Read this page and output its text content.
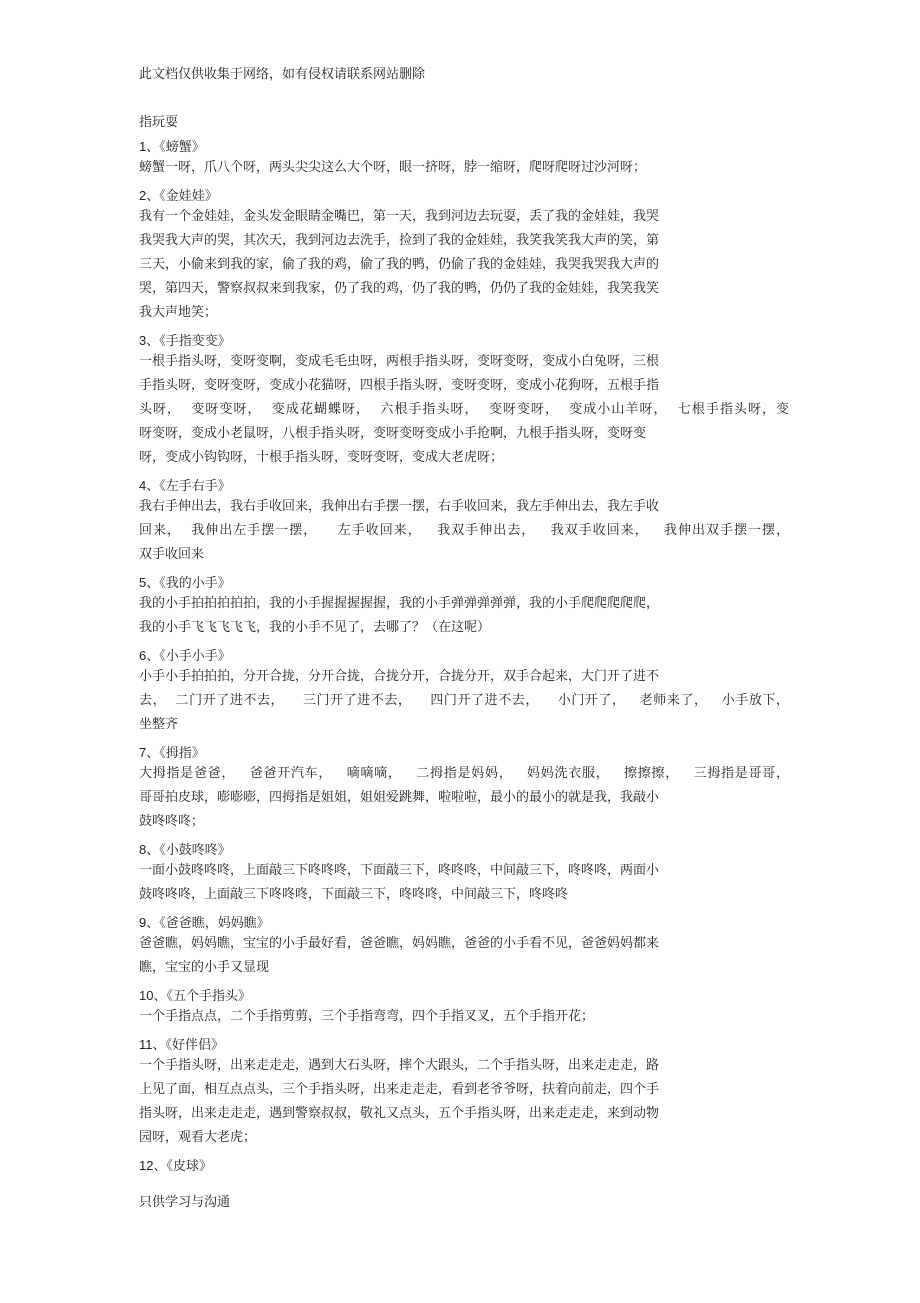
此文档仅供收集于网络，如有侵权请联系网站删除
指玩耍
1、《螃蟹》
螃蟹一呀，爪八个呀，两头尖尖这么大个呀，眼一挤呀，脖一缩呀，爬呀爬呀过沙河呀；
2、《金娃娃》
我有一个金娃娃，金头发金眼睛金嘴巴，第一天，我到河边去玩耍，丢了我的金娃娃，我哭
我哭我大声的哭，其次天，我到河边去洗手，捡到了我的金娃娃，我笑我笑我大声的笑，第
三天，小偷来到我的家，偷了我的鸡，偷了我的鸭，仍偷了我的金娃娃，我哭我哭我大声的
哭，第四天，警察叔叔来到我家，仍了我的鸡，仍了我的鸭，仍仍了我的金娃娃，我笑我笑
我大声地笑；
3、《手指变变》
一根手指头呀，变呀变啊，变成毛毛虫呀，两根手指头呀，变呀变呀，变成小白兔呀，三根
手指头呀，变呀变呀，变成小花猫呀，四根手指头呀，变呀变呀，变成小花狗呀，五根手指
头呀，  变呀变呀，  变成花蝴蝶呀，  六根手指头呀，  变呀变呀，  变成小山羊呀，  七根手指头呀，变
呀变呀，变成小老鼠呀，八根手指头呀，变呀变呀变成小手抢啊，九根手指头呀，变呀变
呀，变成小钩钩呀，十根手指头呀，变呀变呀，变成大老虎呀；
4、《左手右手》
我右手伸出去，我右手收回来，我伸出右手摆一摆，右手收回来，我左手伸出去，我左手收
回来，  我伸出左手摆一摆，    左手收回来，   我双手伸出去，   我双手收回来，   我伸出双手摆一摆，
双手收回来
5、《我的小手》
我的小手拍拍拍拍拍，我的小手握握握握握，我的小手弹弹弹弹弹，我的小手爬爬爬爬爬，
我的小手飞飞飞飞飞，我的小手不见了，去哪了？（在这呢）
6、《小手小手》
小手小手拍拍拍，分开合拢，分开合拢，合拢分开，合拢分开，双手合起来，大门开了进不
去，  二门开了进不去，    三门开了进不去，    四门开了进不去，    小门开了，   老师来了，   小手放下，
坐整齐
7、《拇指》
大拇指是爸爸，   爸爸开汽车，   嘀嘀嘀，   二拇指是妈妈，   妈妈洗衣服，   擦擦擦，   三拇指是哥哥，
哥哥拍皮球，嘭嘭嘭，四拇指是姐姐，姐姐爱跳舞，啦啦啦，最小的最小的就是我，我敲小
鼓咚咚咚；
8、《小鼓咚咚》
一面小鼓咚咚咚，上面敲三下咚咚咚，下面敲三下，咚咚咚，中间敲三下，咚咚咚，两面小
鼓咚咚咚，上面敲三下咚咚咚，下面敲三下，咚咚咚，中间敲三下，咚咚咚
9、《爸爸瞧，妈妈瞧》
爸爸瞧，妈妈瞧，宝宝的小手最好看，爸爸瞧，妈妈瞧，爸爸的小手看不见，爸爸妈妈都来
瞧，宝宝的小手又显现
10、《五个手指头》
一个手指点点，二个手指剪剪，三个手指弯弯，四个手指叉叉，五个手指开花；
11、《好伴侣》
一个手指头呀，出来走走走，遇到大石头呀，摔个大跟头，二个手指头呀，出来走走走，路
上见了面，相互点点头，三个手指头呀，出来走走走，看到老爷爷呀，扶着向前走，四个手
指头呀，出来走走走，遇到警察叔叔，敬礼又点头，五个手指头呀，出来走走走，来到动物
园呀，观看大老虎；
12、《皮球》
只供学习与沟通
